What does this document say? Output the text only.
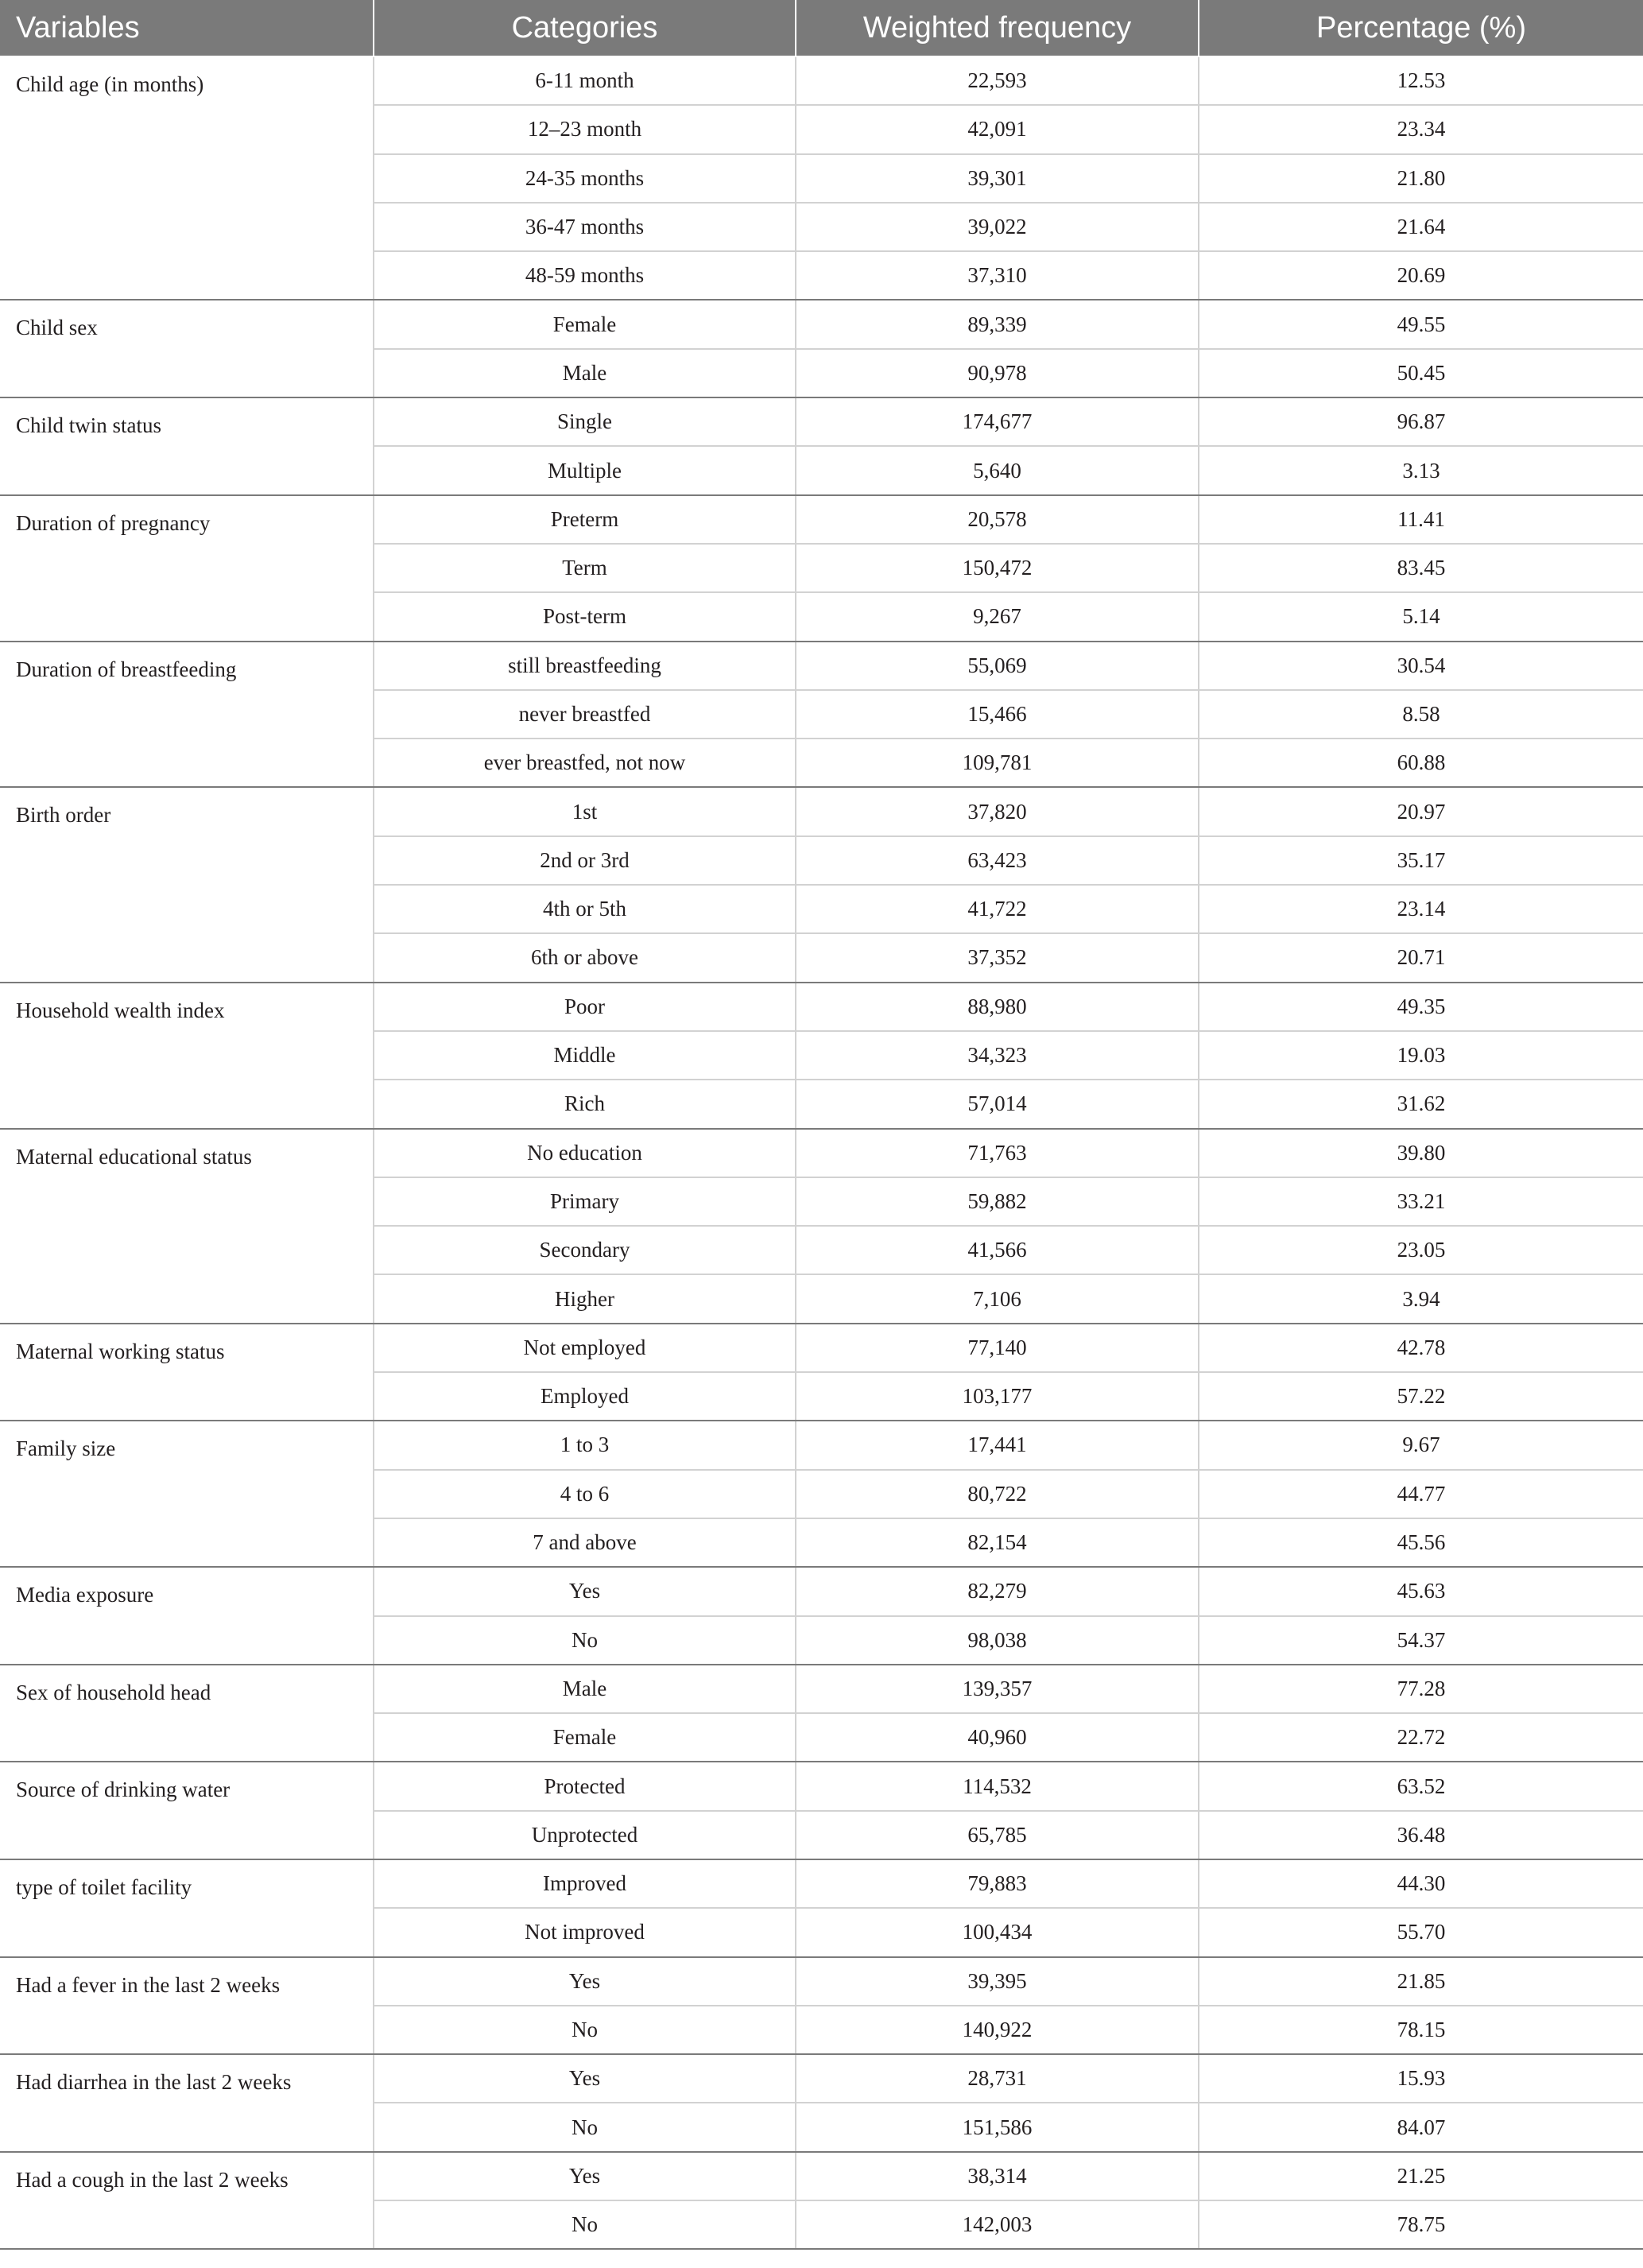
Variables	Categories	Weighted frequency	Percentage (%)
Child age (in months)	6-11 month	22,593	12.53
	12–23 month	42,091	23.34
	24-35 months	39,301	21.80
	36-47 months	39,022	21.64
	48-59 months	37,310	20.69
Child sex	Female	89,339	49.55
	Male	90,978	50.45
Child twin status	Single	174,677	96.87
	Multiple	5,640	3.13
Duration of pregnancy	Preterm	20,578	11.41
	Term	150,472	83.45
	Post-term	9,267	5.14
Duration of breastfeeding	still breastfeeding	55,069	30.54
	never breastfed	15,466	8.58
	ever breastfed, not now	109,781	60.88
Birth order	1st	37,820	20.97
	2nd or 3rd	63,423	35.17
	4th or 5th	41,722	23.14
	6th or above	37,352	20.71
Household wealth index	Poor	88,980	49.35
	Middle	34,323	19.03
	Rich	57,014	31.62
Maternal educational status	No education	71,763	39.80
	Primary	59,882	33.21
	Secondary	41,566	23.05
	Higher	7,106	3.94
Maternal working status	Not employed	77,140	42.78
	Employed	103,177	57.22
Family size	1 to 3	17,441	9.67
	4 to 6	80,722	44.77
	7 and above	82,154	45.56
Media exposure	Yes	82,279	45.63
	No	98,038	54.37
Sex of household head	Male	139,357	77.28
	Female	40,960	22.72
Source of drinking water	Protected	114,532	63.52
	Unprotected	65,785	36.48
type of toilet facility	Improved	79,883	44.30
	Not improved	100,434	55.70
Had a fever in the last 2 weeks	Yes	39,395	21.85
	No	140,922	78.15
Had diarrhea in the last 2 weeks	Yes	28,731	15.93
	No	151,586	84.07
Had a cough in the last 2 weeks	Yes	38,314	21.25
	No	142,003	78.75
